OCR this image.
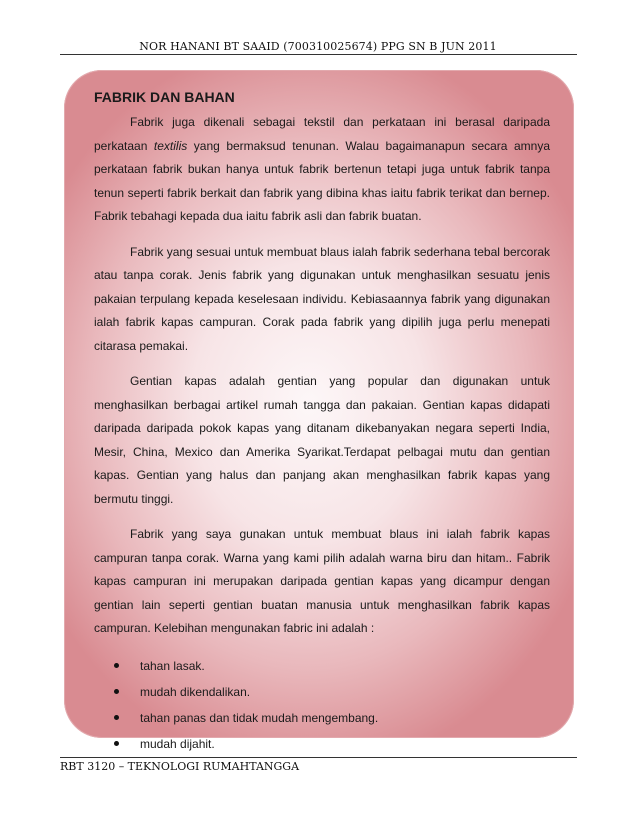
NOR HANANI BT SAAID (700310025674) PPG SN B JUN 2011
FABRIK DAN BAHAN

Fabrik juga dikenali sebagai tekstil dan perkataan ini berasal daripada perkataan textilis yang bermaksud tenunan. Walau bagaimanapun secara amnya perkataan fabrik bukan hanya untuk fabrik bertenun tetapi juga untuk fabrik tanpa tenun seperti fabrik berkait dan fabrik yang dibina khas iaitu fabrik terikat dan bernep. Fabrik tebahagi kepada dua iaitu fabrik asli dan fabrik buatan.

Fabrik yang sesuai untuk membuat blaus ialah fabrik sederhana tebal bercorak atau tanpa corak. Jenis fabrik yang digunakan untuk menghasilkan sesuatu jenis pakaian terpulang kepada keselesaan individu. Kebiasaannya fabrik yang digunakan ialah fabrik kapas campuran. Corak pada fabrik yang dipilih juga perlu menepati citarasa pemakai.

Gentian kapas adalah gentian yang popular dan digunakan untuk menghasilkan berbagai artikel rumah tangga dan pakaian. Gentian kapas didapati daripada daripada pokok kapas yang ditanam dikebanyakan negara seperti India, Mesir, China, Mexico dan Amerika Syarikat.Terdapat pelbagai mutu dan gentian kapas. Gentian yang halus dan panjang akan menghasilkan fabrik kapas yang bermutu tinggi.

Fabrik yang saya gunakan untuk membuat blaus ini ialah fabrik kapas campuran tanpa corak. Warna yang kami pilih adalah warna biru dan hitam.. Fabrik kapas campuran ini merupakan daripada gentian kapas yang dicampur dengan gentian lain seperti gentian buatan manusia untuk menghasilkan fabrik kapas campuran. Kelebihan mengunakan fabric ini adalah :

tahan lasak.
mudah dikendalikan.
tahan panas dan tidak mudah mengembang.
mudah dijahit.
RBT 3120 – TEKNOLOGI RUMAHTANGGA
